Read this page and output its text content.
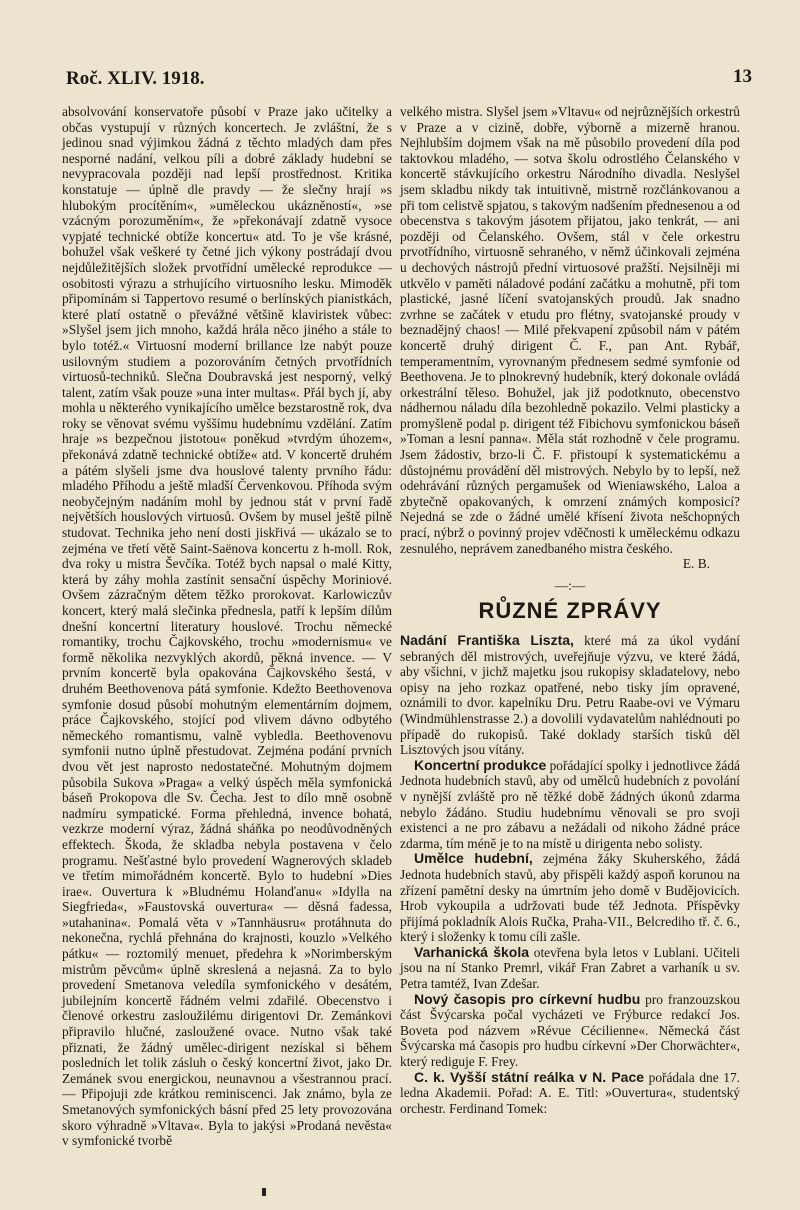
Roč. XLIV. 1918.	13

absolvování konservatoře působí v Praze jako učitelky a občas vystupují v různých koncertech. Je zvláštní, že s jedinou snad výjimkou žádná z těchto mladých dam přes nesporné nadání, velkou píli a dobré základy hudební se nevypracovala později nad lepší prostřednost. Kritika konstatuje — úplně dle pravdy — že slečny hrají »s hlubokým procítěním«, »uměleckou ukázněností«, »se vzácným porozuměním«, že »překonávají zdatně vysoce vypjaté technické obtíže koncertu« atd. To je vše krásné, bohužel však veškeré ty četné jich výkony postrádají dvou nejdůležitějších složek prvotřídní umělecké reprodukce — osobitosti výrazu a strhujícího virtuosního lesku. Mimoděk připomínám si Tappertovo resumé o berlínských pianistkách, které platí ostatně o převážné většině klaviristek vůbec: »Slyšel jsem jich mnoho, každá hrála něco jiného a stále to bylo totéž.« Virtuosní moderní brillance lze nabýt pouze usilovným studiem a pozorováním četných prvotřídních virtuosů-techniků. Slečna Doubravská jest nesporný, velký talent, zatím však pouze »una inter multas«. Přál bych jí, aby mohla u některého vynikajícího umělce bezstarostně rok, dva roky se věnovat svému vyššímu hudebnímu vzdělání. Zatím hraje »s bezpečnou jistotou« poněkud »tvrdým úhozem«, překonává zdatně technické obtíže« atd. V koncertě druhém a pátém slyšeli jsme dva houslové talenty prvního řádu: mladého Příhodu a ještě mladší Červenkovou. Příhoda svým neobyčejným nadáním mohl by jednou stát v první řadě největších houslových virtuosů. Ovšem by musel ještě pilně studovat. Technika jeho není dosti jiskřivá — ukázalo se to zejména ve třetí větě Saint-Saënova koncertu z h-moll. Rok, dva roky u mistra Ševčíka. Totéž bych napsal o malé Kitty, která by záhy mohla zastínit sensační úspěchy Moriniové. Ovšem zázračným dětem těžko prorokovat. Karlowiczův koncert, který malá slečinka přednesla, patří k lepším dílům dnešní koncertní literatury houslové. Trochu německé romantiky, trochu Čajkovského, trochu »modernismu« ve formě několika nezvyklých akordů, pěkná invence. — V prvním koncertě byla opakována Čajkovského šestá, v druhém Beethovenova pátá symfonie. Kdežto Beethovenova symfonie dosud působí mohutným elementárním dojmem, práce Čajkovského, stojící pod vlivem dávno odbytého německého romantismu, valně vybledla. Beethovenovu symfonii nutno úplně přestudovat. Zejména podání prvních dvou vět jest naprosto nedostatečné. Mohutným dojmem působila Sukova »Praga« a velký úspěch měla symfonická báseň Prokopova dle Sv. Čecha. Jest to dílo mně osobně nadmíru sympatické. Forma přehledná, invence bohatá, vezkrze moderní výraz, žádná sháňka po neodůvodněných effektech. Škoda, že skladba nebyla postavena v čelo programu. Nešťastné bylo provedení Wagnerových skladeb ve třetím mimořádném koncertě. Bylo to hudební »Dies irae«. Ouvertura k »Bludnému Holanďanu« »Idylla na Siegfrieda«, »Faustovská ouvertura« — děsná fadessa, »utahanina«. Pomalá věta v »Tannhäusru« protáhnuta do nekonečna, rychlá přehnána do krajnosti, kouzlo »Velkého pátku« — roztomilý menuet, předehra k »Norimberským mistrům pěvcům« úplně skreslená a nejasná. Za to bylo provedení Smetanova veledíla symfonického v desátém, jubilejním koncertě řádném velmi zdařilé. Obecenstvo i členové orkestru zasloužilému dirigentovi Dr. Zemánkovi připravilo hlučné, zasloužené ovace. Nutno však také přiznati, že žádný umělec-dirigent nezískal si během posledních let tolik zásluh o český koncertní život, jako Dr. Zemánek svou energickou, neunavnou a všestrannou prací. — Připojuji zde krátkou reminiscenci. Jak známo, byla ze Smetanových symfonických básní před 25 lety provozována skoro výhradně »Vltava«. Byla to jakýsi »Prodaná nevěsta« v symfonické tvorbě

velkého mistra. Slyšel jsem »Vltavu« od nejrůznějších orkestrů v Praze a v cizině, dobře, výborně a mizerně hranou. Nejhlubším dojmem však na mě působilo provedení díla pod taktovkou mladého, — sotva školu odrostlého Čelanského v koncertě stávkujícího orkestru Národního divadla. Neslyšel jsem skladbu nikdy tak intuitivně, mistrně rozčlánkovanou a při tom celistvě spjatou, s takovým nadšením přednesenou a od obecenstva s takovým jásotem přijatou, jako tenkrát, — ani později od Čelanského. Ovšem, stál v čele orkestru prvotřídního, virtuosně sehraného, v němž účinkovali zejména u dechových nástrojů přední virtuosové pražští. Nejsilněji mi utkvělo v paměti náladové podání začátku a mohutně, při tom plastické, jasné líčení svatojanských proudů. Jak snadno zvrhne se začátek v etudu pro flétny, svatojanské proudy v beznadějný chaos! — Milé překvapení způsobil nám v pátém koncertě druhý dirigent Č. F., pan Ant. Rybář, temperamentním, vyrovnaným přednesem sedmé symfonie od Beethovena. Je to plnokrevný hudebník, který dokonale ovládá orkestrální těleso. Bohužel, jak již podotknuto, obecenstvo nádhernou náladu díla bezohledně pokazilo. Velmi plasticky a promyšleně podal p. dirigent též Fibichovu symfonickou báseň »Toman a lesní panna«. Měla stát rozhodně v čele programu. Jsem žádostiv, brzo-li Č. F. přistoupí k systematickému a důstojnému provádění děl mistrových. Nebylo by to lepší, než odehrávání různých pergamušek od Wieniawského, Laloa a zbytečně opakovaných, k omrzení známých komposicí? Nejedná se zde o žádné umělé křísení života nešchopných prací, nýbrž o povinný projev vděčnosti k uměleckému odkazu zesnulého, neprávem zanedbaného mistra českého.

E. B.
—:—
RŮZNÉ ZPRÁVY

Nadání Františka Liszta, které má za úkol vydání sebraných děl mistrových, uveřejňuje výzvu, ve které žádá, aby všichni, v jichž majetku jsou rukopisy skladatelovy, nebo opisy na jeho rozkaz opatřené, nebo tisky jím opravené, oznámili to dvor. kapelníku Dru. Petru Raabe-ovi ve Výmaru (Windmühlenstrasse 2.) a dovolili vydavatelům nahlédnouti po případě do rukopisů. Také doklady starších tisků děl Lisztových jsou vítány.

Koncertní produkce pořádající spolky i jednotlivce žádá Jednota hudebních stavů, aby od umělců hudebních z povolání v nynější zvláště pro ně těžké době žádných úkonů zdarma nebylo žádáno. Studiu hudebnímu věnovali se pro svoji existenci a ne pro zábavu a nežádali od nikoho žádné práce zdarma, tím méně je to na místě u dirigenta nebo solisty.

Umělce hudební, zejména žáky Skuherského, žádá Jednota hudebních stavů, aby přispěli každý aspoň korunou na zřízení pamětní desky na úmrtním jeho domě v Budějovicích. Hrob vykoupila a udržovati bude též Jednota. Příspěvky přijímá pokladník Alois Ručka, Praha-VII., Belcrediho tř. č. 6., který i složenky k tomu cíli zašle.

Varhanická škola otevřena byla letos v Lublani. Učiteli jsou na ní Stanko Premrl, vikář Fran Zabret a varhaník u sv. Petra tamtéž, Ivan Zdešar.

Nový časopis pro církevní hudbu pro franzouzskou část Švýcarska počal vycházeti ve Frýburce redakcí Jos. Boveta pod názvem »Révue Cécilienne«. Německá část Švýcarska má časopis pro hudbu církevní »Der Chorwächter«, který rediguje F. Frey.

C. k. Vyšší státní reálka v N. Pace pořádala dne 17. ledna Akademii. Pořad: A. E. Titl: »Ouvertura«, studentský orchestr. Ferdinand Tomek:
